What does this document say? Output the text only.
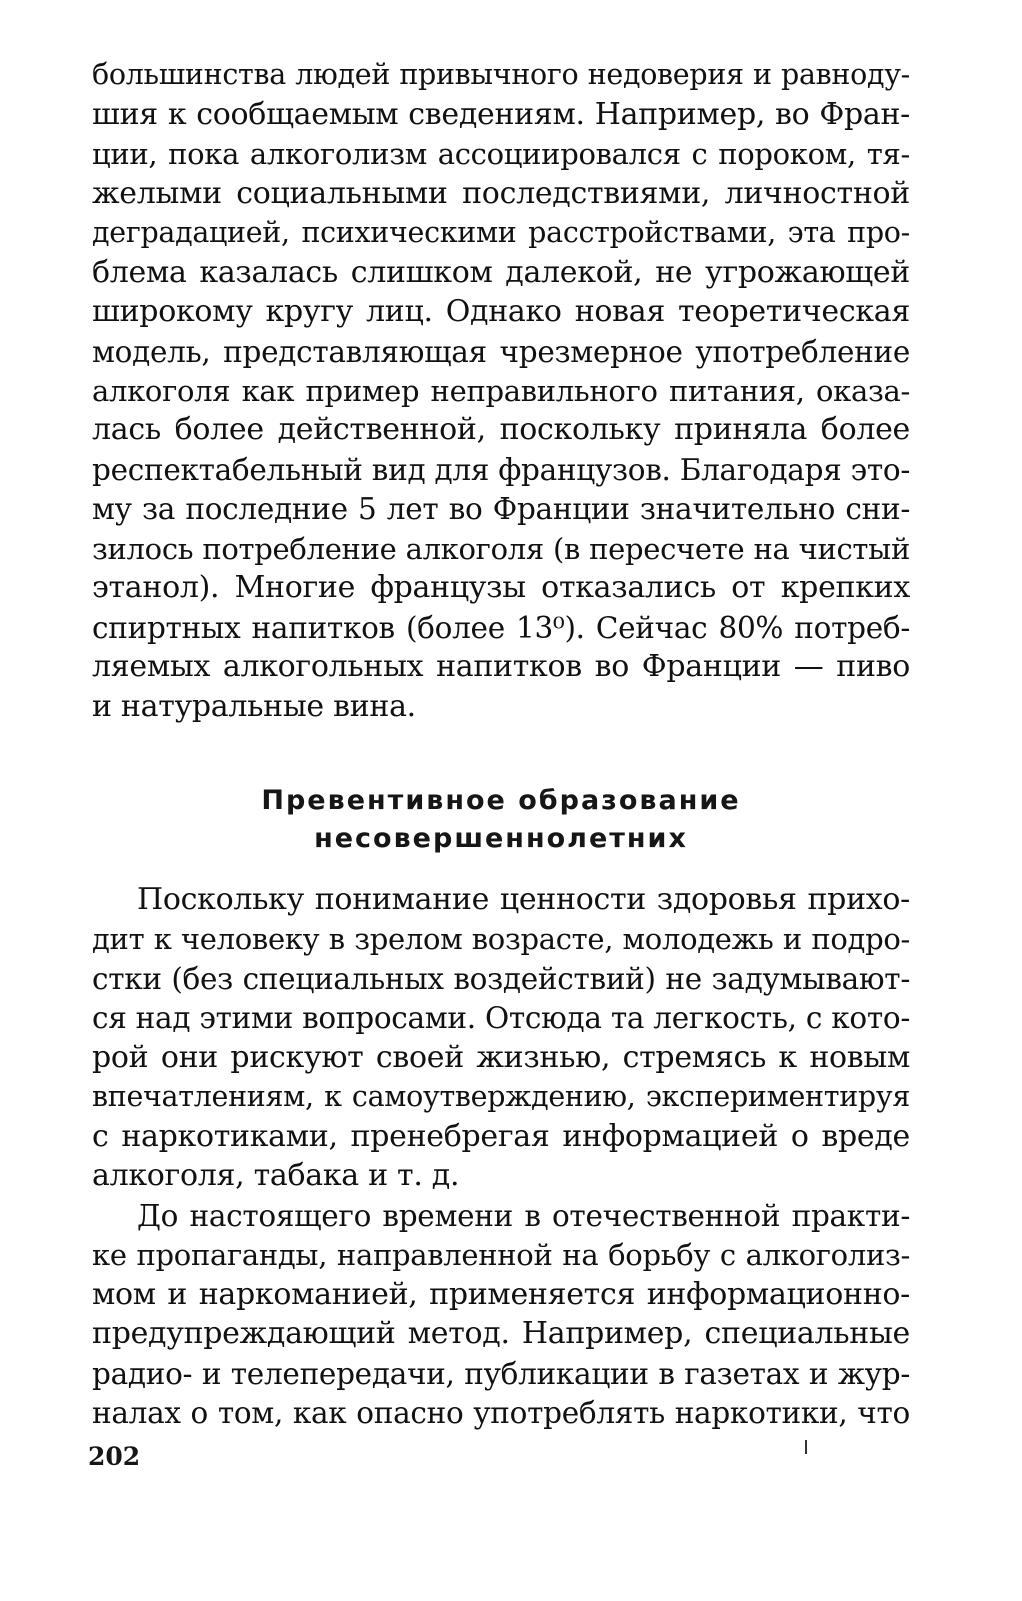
большинства людей привычного недоверия и равноду-
шия к сообщаемым сведениям. Например, во Фран-
ции, пока алкоголизм ассоциировался с пороком, тя-
желыми социальными последствиями, личностной
деградацией, психическими расстройствами, эта про-
блема казалась слишком далекой, не угрожающей
широкому кругу лиц. Однако новая теоретическая
модель, представляющая чрезмерное употребление
алкоголя как пример неправильного питания, оказа-
лась более действенной, поскольку приняла более
респектабельный вид для французов. Благодаря это-
му за последние 5 лет во Франции значительно сни-
зилось потребление алкоголя (в пересчете на чистый
этанол). Многие французы отказались от крепких
спиртных напитков (более 13⁰). Сейчас 80% потреб-
ляемых алкогольных напитков во Франции — пиво
и натуральные вина.
Превентивное образование
несовершеннолетних
Поскольку понимание ценности здоровья прихо-
дит к человеку в зрелом возрасте, молодежь и подро-
стки (без специальных воздействий) не задумывают-
ся над этими вопросами. Отсюда та легкость, с кото-
рой они рискуют своей жизнью, стремясь к новым
впечатлениям, к самоутверждению, экспериментируя
с наркотиками, пренебрегая информацией о вреде
алкоголя, табака и т. д.
До настоящего времени в отечественной практи-
ке пропаганды, направленной на борьбу с алкоголиз-
мом и наркоманией, применяется информационно-
предупреждающий метод. Например, специальные
радио- и телепередачи, публикации в газетах и жур-
налах о том, как опасно употреблять наркотики, что
202
